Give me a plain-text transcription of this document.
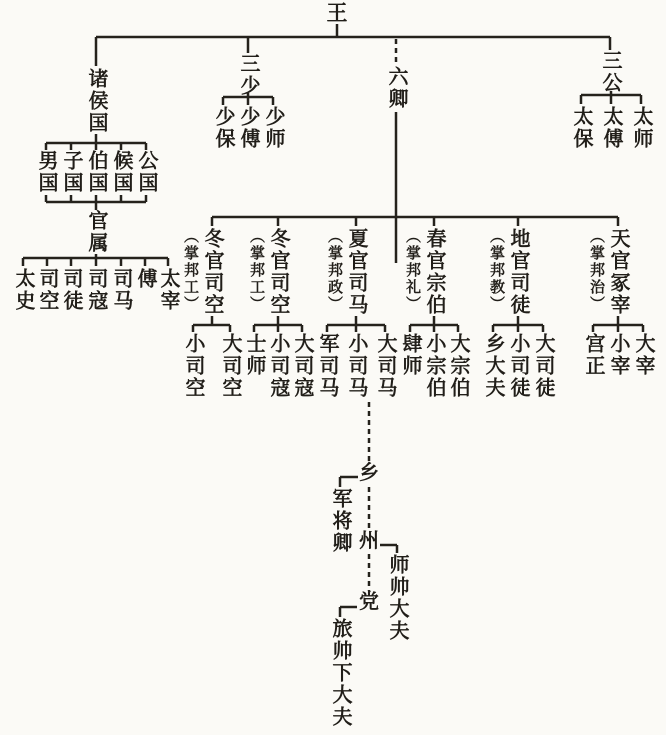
王
诸侯国
男国 子国 伯国 候国 公国
官属
太史 司空 司徒 司寇 司马 傅 太宰
三少
少保 少傅 少师
三公
太保 太傅 太师
六卿
（掌邦工） 冬官司空
小司空 大司空
（掌邦工） 冬官司空
士师 小司寇 大司寇
（掌邦政） 夏官司马
军司马 小司马 大司马
（掌邦礼） 春官宗伯
肆师 小宗伯 大宗伯
（掌邦教） 地官司徒
乡大夫 小司徒 大司徒
（掌邦治） 天官冢宰
宫正 小宰 大宰
乡
军将卿 州
师帅大夫
党
旅帅下大夫
